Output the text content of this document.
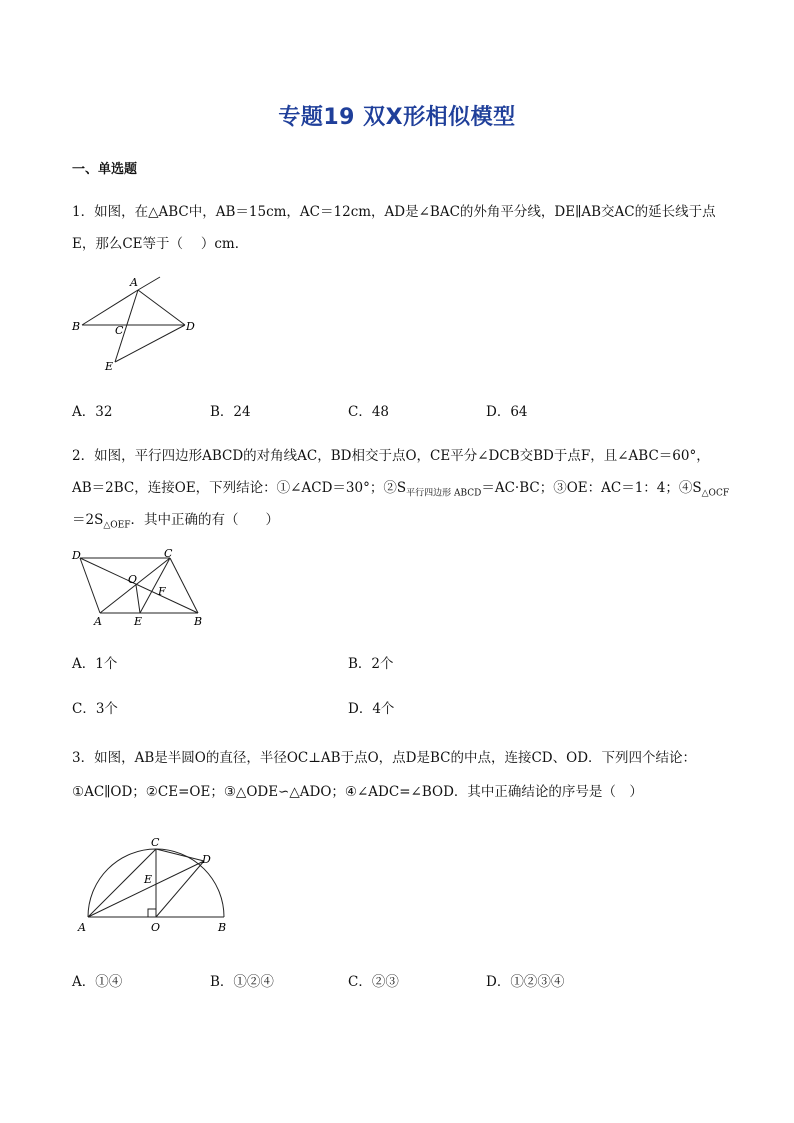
专题19 双X形相似模型
一、单选题
1．如图，在△ABC中，AB＝15cm，AC＝12cm，AD是∠BAC的外角平分线，DE∥AB交AC的延长线于点
E，那么CE等于（　 ）cm．
A
B	C	D
E
A．32	B．24	C．48	D．64
2．如图，平行四边形ABCD的对角线AC，BD相交于点O，CE平分∠DCB交BD于点F，且∠ABC＝60°，
AB＝2BC，连接OE，下列结论：①∠ACD＝30°；$②S_{平行四边形 ABCD}=AC\cdot BC$；③OE：AC＝1：4；$④S_{\triangle OCF}$
$=2S_{\triangle OEF}$．其中正确的有（　　）
D	C
O
F
A	E	B
A．1个	B．2个
C．3个	D．4个
3．如图，AB是半圆O的直径，半径OC⊥AB于点O，点D是BC的中点，连接CD、OD．下列四个结论：
①AC∥OD；②CE=OE；③△ODE∽△ADO；④∠ADC=∠BOD．其中正确结论的序号是（　）
C
D
E
A	O	B
A．①④	B．①②④	C．②③	D．①②③④
